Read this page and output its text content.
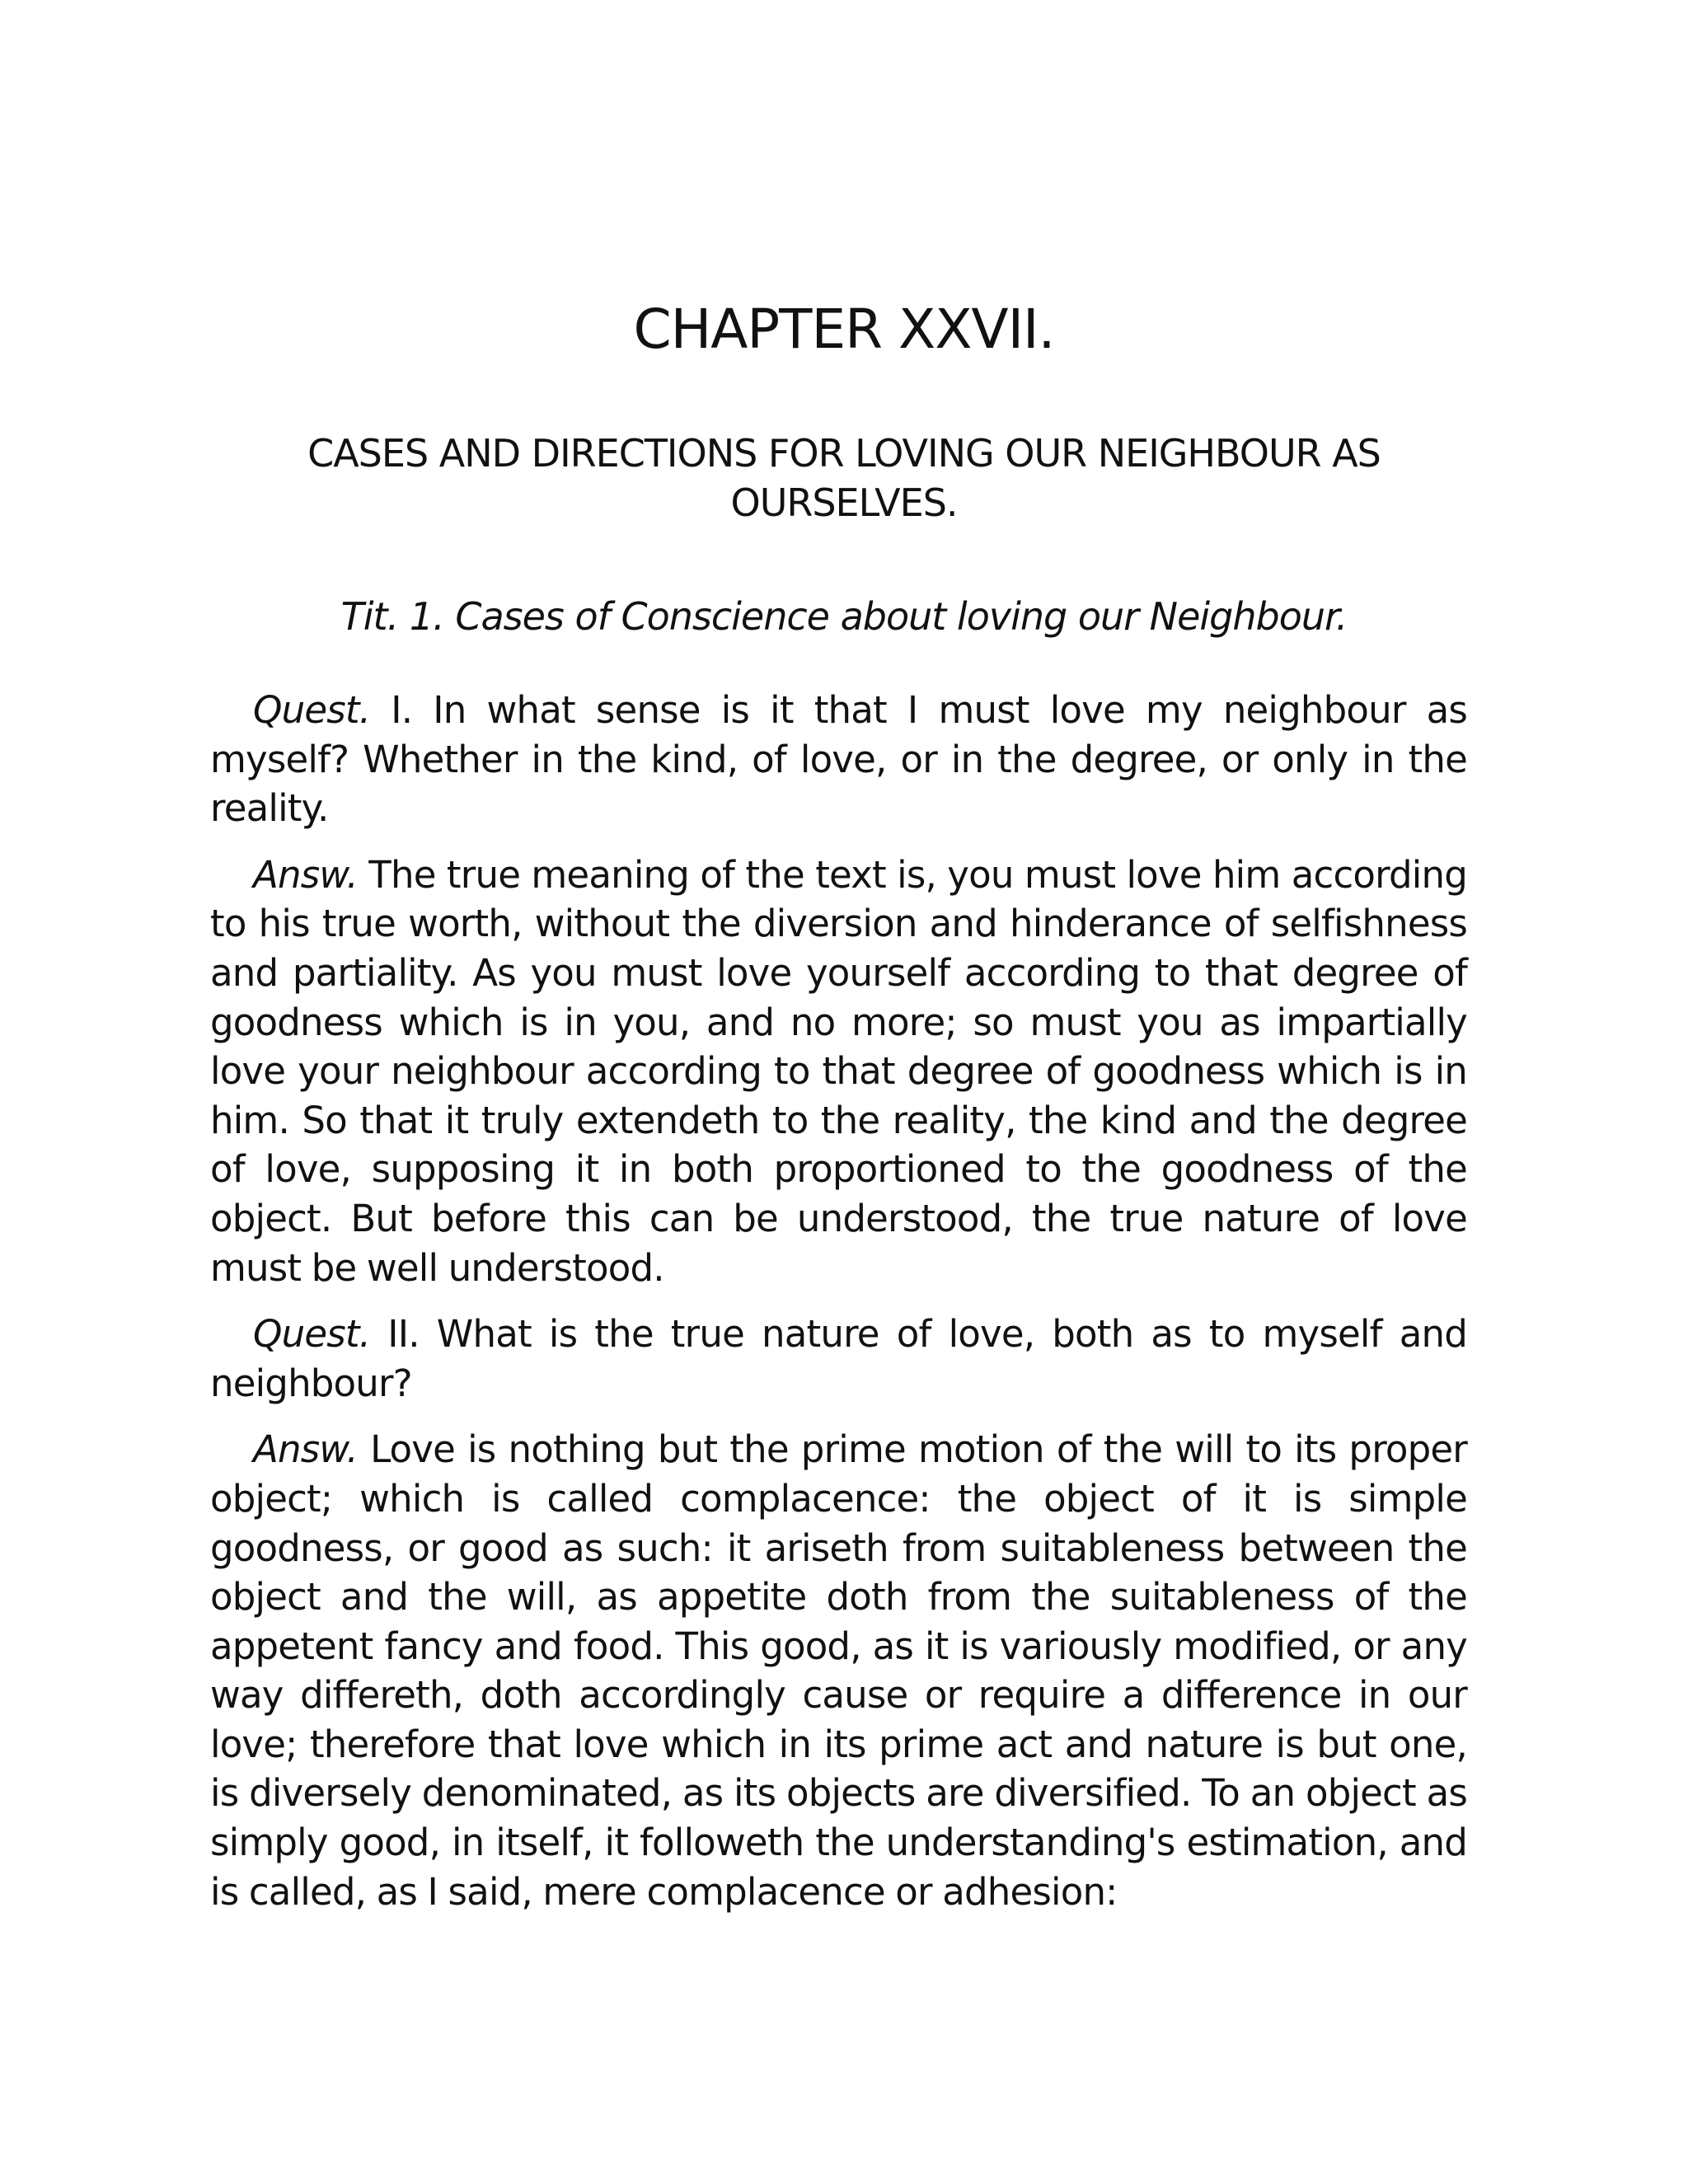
CHAPTER XXVII.
CASES AND DIRECTIONS FOR LOVING OUR NEIGHBOUR AS OURSELVES.
Tit. 1. Cases of Conscience about loving our Neighbour.

Quest. I. In what sense is it that I must love my neighbour as myself? Whether in the kind, of love, or in the degree, or only in the reality.

Answ. The true meaning of the text is, you must love him according to his true worth, without the diversion and hinderance of selfishness and partiality. As you must love yourself according to that degree of goodness which is in you, and no more; so must you as impartially love your neighbour according to that degree of goodness which is in him. So that it truly extendeth to the reality, the kind and the degree of love, supposing it in both proportioned to the goodness of the object. But before this can be understood, the true nature of love must be well understood.

Quest. II. What is the true nature of love, both as to myself and neighbour?

Answ. Love is nothing but the prime motion of the will to its proper object; which is called complacence: the object of it is simple goodness, or good as such: it ariseth from suitableness between the object and the will, as appetite doth from the suitableness of the appetent fancy and food. This good, as it is variously modified, or any way differeth, doth accordingly cause or require a difference in our love; therefore that love which in its prime act and nature is but one, is diversely denominated, as its objects are diversified. To an object as simply good, in itself, it followeth the understanding's estimation, and is called, as I said, mere complacence or adhesion:
